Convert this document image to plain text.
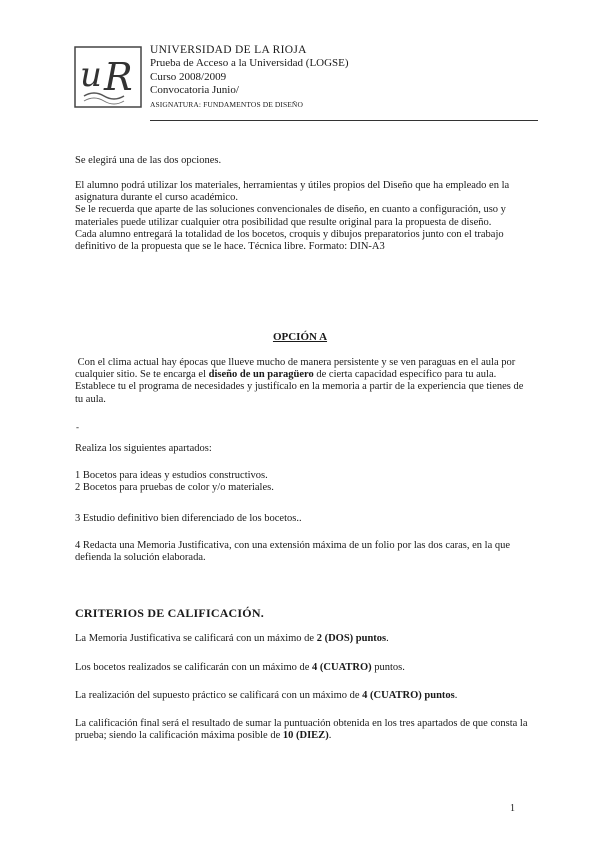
u R
UNIVERSIDAD DE LA RIOJA
Prueba de Acceso a la Universidad (LOGSE)
Curso 2008/2009
Convocatoria Junio/
ASIGNATURA: FUNDAMENTOS DE DISEÑO
Se elegirá una de las dos opciones.
El alumno podrá utilizar los materiales, herramientas y útiles propios del Diseño que ha empleado en la asignatura durante el curso académico.
Se le recuerda que aparte de las soluciones convencionales de diseño, en cuanto a configuración, uso y materiales puede utilizar cualquier otra posibilidad que resulte original para la propuesta de diseño.
Cada alumno entregará la totalidad de los bocetos, croquis y dibujos preparatorios junto con el trabajo definitivo de la propuesta que se le hace. Técnica libre. Formato: DIN-A3
OPCIÓN A
Con el clima actual hay épocas que llueve mucho de manera persistente y se ven paraguas en el aula por cualquier sitio. Se te encarga el diseño de un paragüero de cierta capacidad específico para tu aula. Establece tu el programa de necesidades y justifícalo en la memoria a partir de la experiencia que tienes de tu aula.
-
Realiza los siguientes apartados:
1 Bocetos para ideas y estudios constructivos.
2 Bocetos para pruebas de color y/o materiales.
3 Estudio definitivo bien diferenciado de los bocetos..
4 Redacta una Memoria Justificativa, con una extensión máxima de un folio por las dos caras, en la que defienda la solución elaborada.
CRITERIOS DE CALIFICACIÓN.
La Memoria Justificativa se calificará con un máximo de 2 (DOS) puntos.
Los bocetos realizados se calificarán con un máximo de 4 (CUATRO) puntos.
La realización del supuesto práctico se calificará con un máximo de 4 (CUATRO) puntos.
La calificación final será el resultado de sumar la puntuación obtenida en los tres apartados de que consta la prueba; siendo la calificación máxima posible de 10 (DIEZ).
1
